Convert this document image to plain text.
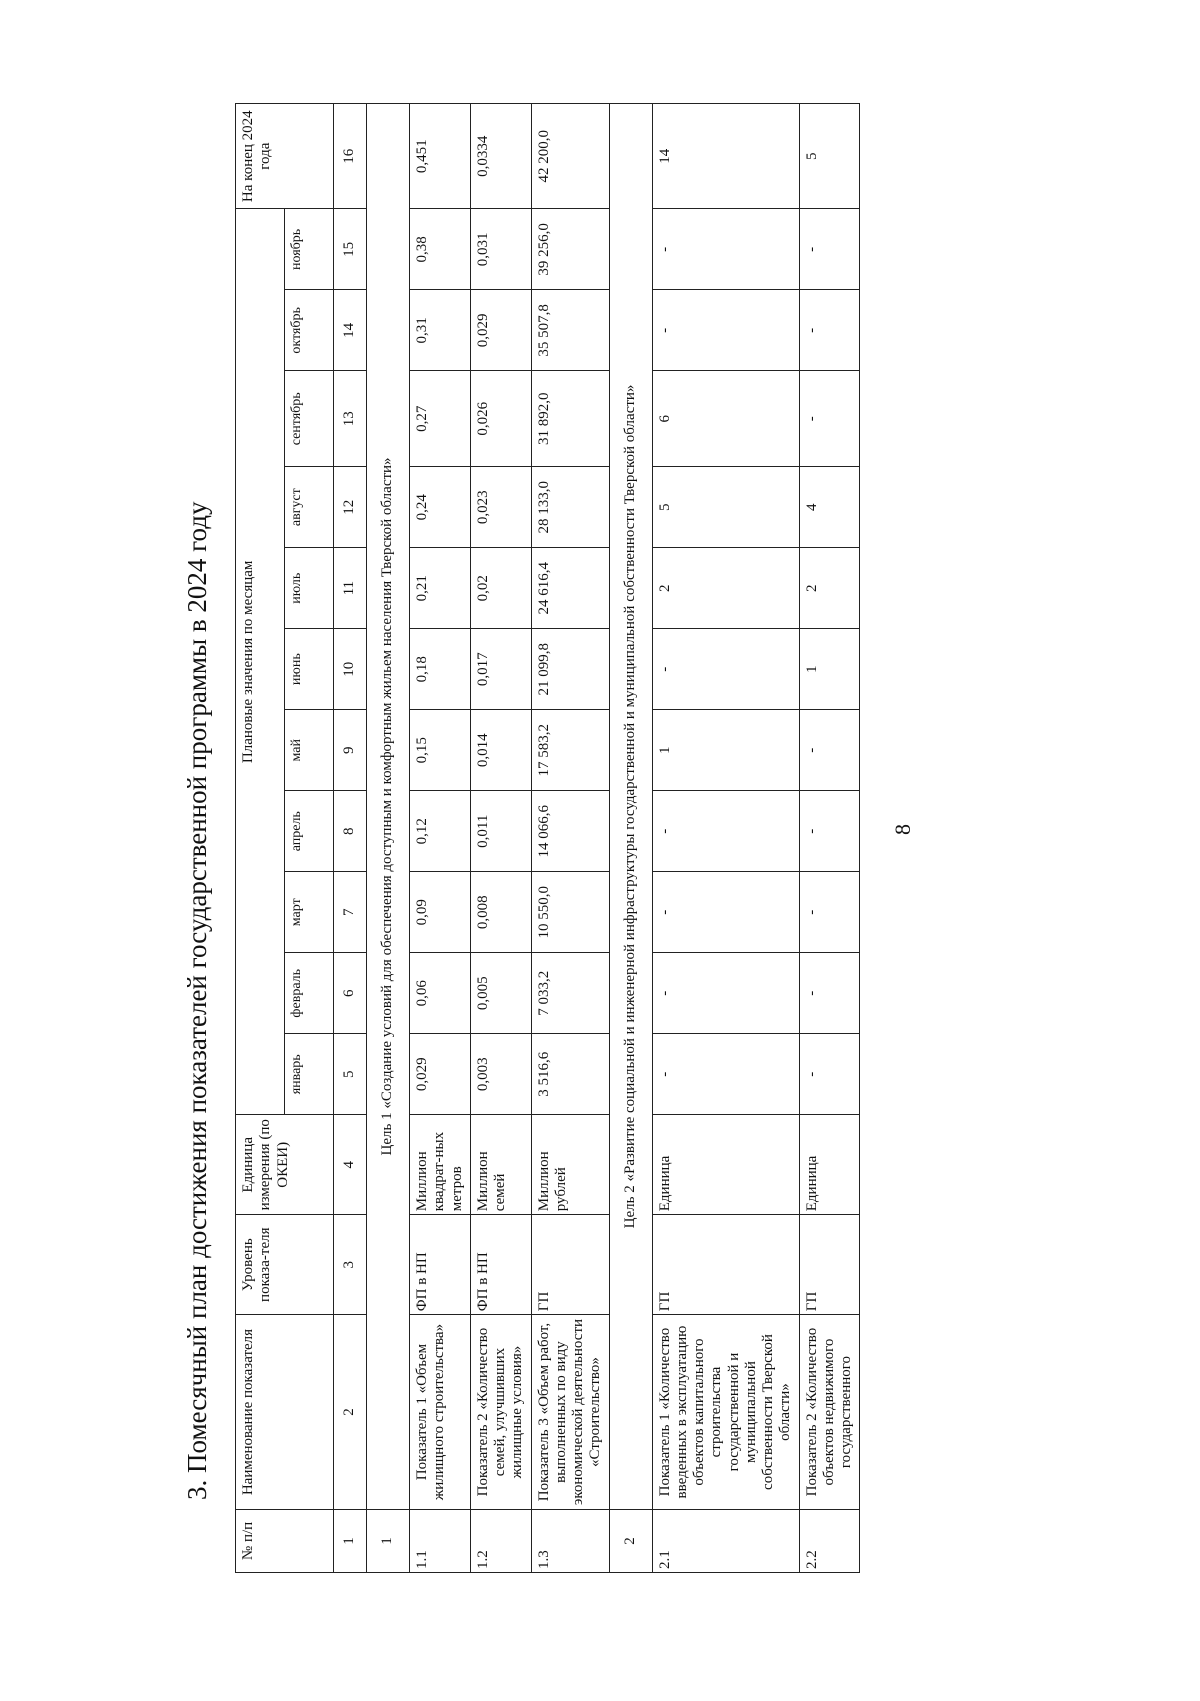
8
3. Помесячный план достижения показателей государственной программы в 2024 году
№ п/п	Наименование показателя	Уровень показа-теля	Единица измерения (по ОКЕИ)	Плановые значения по месяцам											На конец 2024 года
				январь	февраль	март	апрель	май	июнь	июль	август	сентябрь	октябрь	ноябрь	
1	2	3	4	5	6	7	8	9	10	11	12	13	14	15	16
1	Цель 1 «Создание условий для обеспечения доступным и комфортным жильем населения Тверской области»														
1.1	Показатель 1 «Объем жилищного строительства»	ФП в НП	Миллион квадрат-ных метров	0,029	0,06	0,09	0,12	0,15	0,18	0,21	0,24	0,27	0,31	0,38	0,451
1.2	Показатель 2 «Количество семей, улучшивших жилищные условия»	ФП в НП	Миллион семей	0,003	0,005	0,008	0,011	0,014	0,017	0,02	0,023	0,026	0,029	0,031	0,0334
1.3	Показатель 3 «Объем работ, выполненных по виду экономической деятельности «Строительство»	ГП	Миллион рублей	3 516,6	7 033,2	10 550,0	14 066,6	17 583,2	21 099,8	24 616,4	28 133,0	31 892,0	35 507,8	39 256,0	42 200,0
2	Цель 2 «Развитие социальной и инженерной инфраструктуры государственной и муниципальной собственности Тверской области»														
2.1	Показатель 1 «Количество введенных в эксплуатацию объектов капитального строительства государственной и муниципальной собственности Тверской области»	ГП	Единица	-	-	-	-	1	-	2	5	6	-	-	14
2.2	Показатель 2 «Количество объектов недвижимого государственного	ГП	Единица	-	-	-	-	-	1	2	4	-	-	-	5
